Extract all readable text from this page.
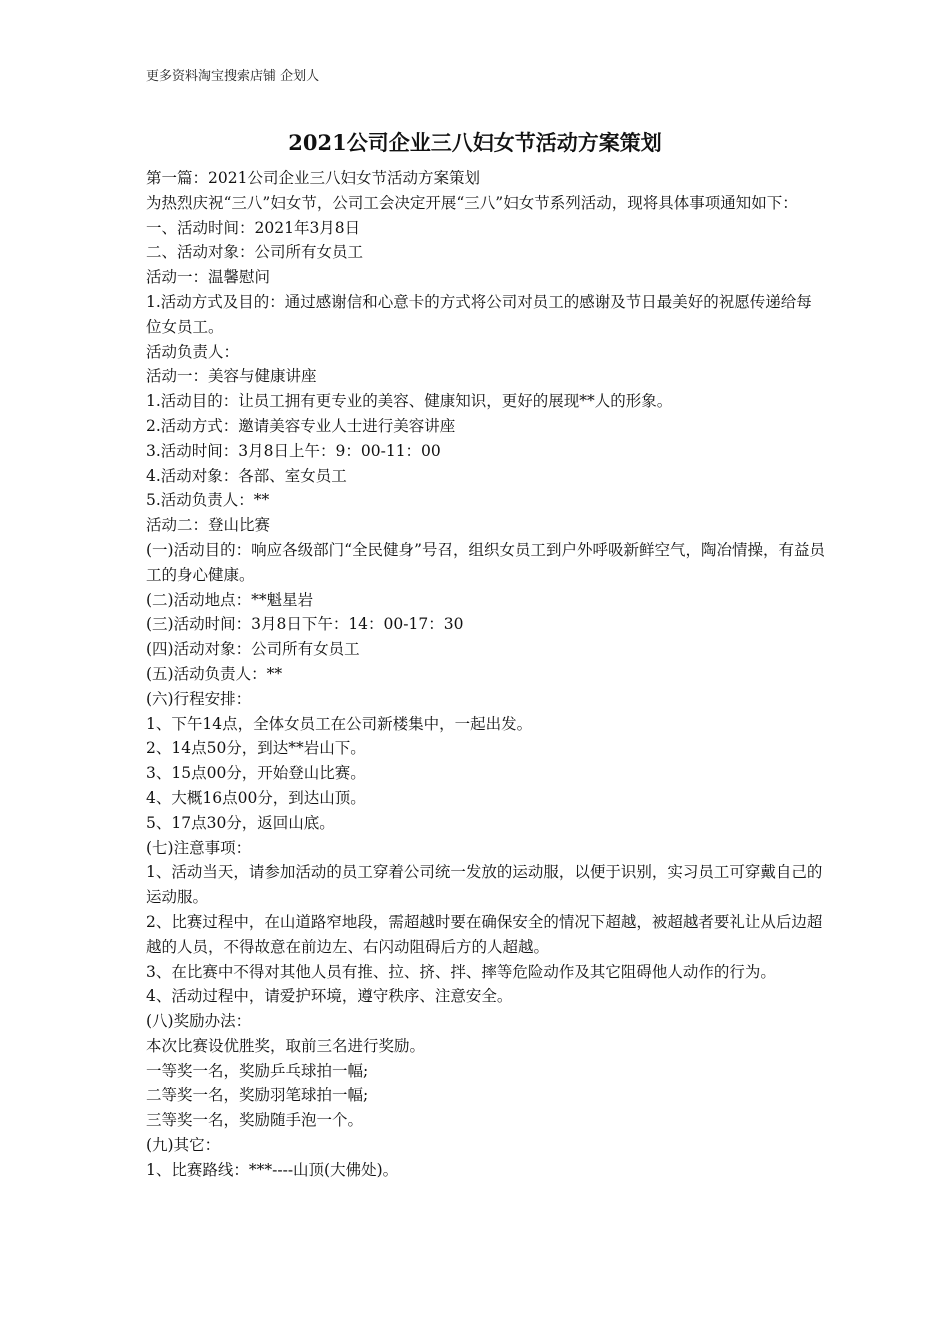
更多资料淘宝搜索店铺 企划人
2021公司企业三八妇女节活动方案策划

第一篇：2021公司企业三八妇女节活动方案策划

为热烈庆祝“三八”妇女节，公司工会决定开展“三八”妇女节系列活动，现将具体事项通知如下：

一、活动时间：2021年3月8日

二、活动对象：公司所有女员工

活动一：温馨慰问

1.活动方式及目的：通过感谢信和心意卡的方式将公司对员工的感谢及节日最美好的祝愿传递给每位女员工。

活动负责人：

活动一：美容与健康讲座

1.活动目的：让员工拥有更专业的美容、健康知识，更好的展现**人的形象。

2.活动方式：邀请美容专业人士进行美容讲座

3.活动时间：3月8日上午：9：00-11：00

4.活动对象：各部、室女员工

5.活动负责人：**

活动二：登山比赛

(一)活动目的：响应各级部门“全民健身”号召，组织女员工到户外呼吸新鲜空气，陶冶情操，有益员工的身心健康。

(二)活动地点：**魁星岩

(三)活动时间：3月8日下午：14：00-17：30

(四)活动对象：公司所有女员工

(五)活动负责人：**

(六)行程安排：

1、下午14点，全体女员工在公司新楼集中，一起出发。

2、14点50分，到达**岩山下。

3、15点00分，开始登山比赛。

4、大概16点00分，到达山顶。

5、17点30分，返回山底。

(七)注意事项：

1、活动当天，请参加活动的员工穿着公司统一发放的运动服，以便于识别，实习员工可穿戴自己的运动服。

2、比赛过程中，在山道路窄地段，需超越时要在确保安全的情况下超越，被超越者要礼让从后边超越的人员，不得故意在前边左、右闪动阻碍后方的人超越。

3、在比赛中不得对其他人员有推、拉、挤、拌、摔等危险动作及其它阻碍他人动作的行为。

4、活动过程中，请爱护环境，遵守秩序、注意安全。

(八)奖励办法：

本次比赛设优胜奖，取前三名进行奖励。

一等奖一名，奖励乒乓球拍一幅;

二等奖一名，奖励羽笔球拍一幅;

三等奖一名，奖励随手泡一个。

(九)其它：

1、比赛路线：***----山顶(大佛处)。
